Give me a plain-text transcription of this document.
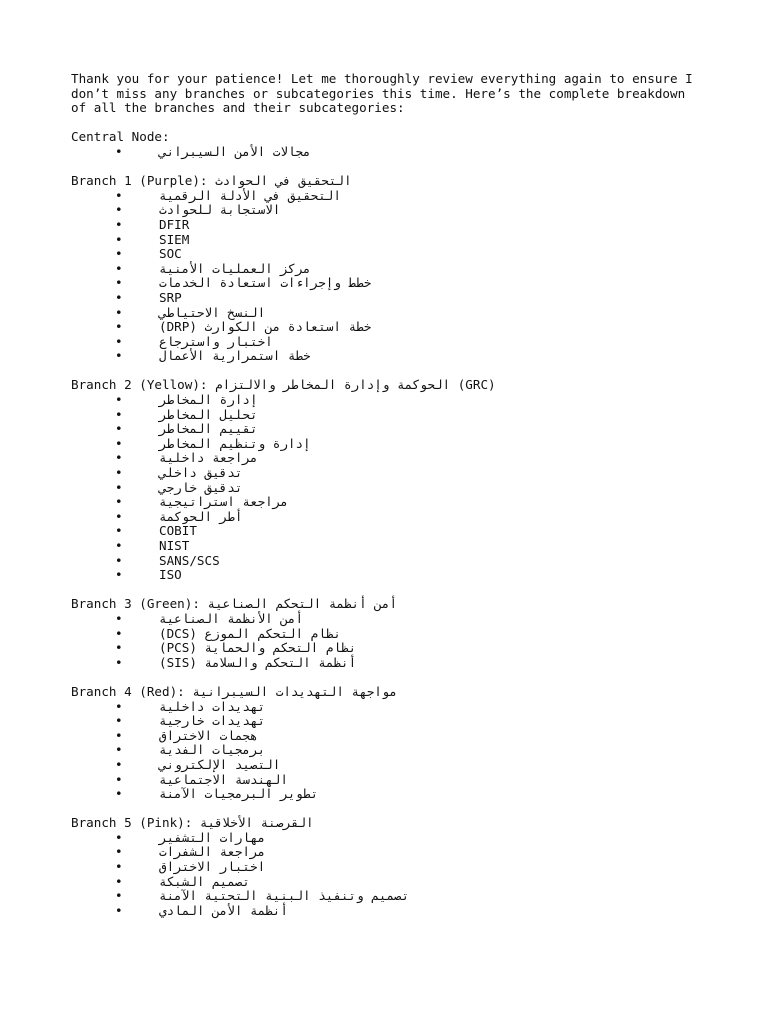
Thank you for your patience! Let me thoroughly review everything again to ensure I
don’t miss any branches or subcategories this time. Here’s the complete breakdown
of all the branches and their subcategories:
Central Node:
•	مجالات الأمن السيبراني
Branch 1 (Purple): التحقيق في الحوادث
•	التحقيق في الأدلة الرقمية
•	الاستجابة للحوادث
•	DFIR
•	SIEM
•	SOC
•	مركز العمليات الأمنية
•	خطط وإجراءات استعادة الخدمات
•	SRP
•	النسخ الاحتياطي
•	خطة استعادة من الكوارث (DRP)
•	اختبار واسترجاع
•	خطة استمرارية الأعمال
Branch 2 (Yellow): الحوكمة وإدارة المخاطر والالتزام (GRC)
•	إدارة المخاطر
•	تحليل المخاطر
•	تقييم المخاطر
•	إدارة وتنظيم المخاطر
•	مراجعة داخلية
•	تدقيق داخلي
•	تدقيق خارجي
•	مراجعة استراتيجية
•	أطر الحوكمة
•	COBIT
•	NIST
•	SANS/SCS
•	ISO
Branch 3 (Green): أمن أنظمة التحكم الصناعية
•	أمن الأنظمة الصناعية
•	نظام التحكم الموزع (DCS)
•	نظام التحكم والحماية (PCS)
•	أنظمة التحكم والسلامة (SIS)
Branch 4 (Red): مواجهة التهديدات السيبرانية
•	تهديدات داخلية
•	تهديدات خارجية
•	هجمات الاختراق
•	برمجيات الفدية
•	التصيد الإلكتروني
•	الهندسة الاجتماعية
•	تطوير البرمجيات الآمنة
Branch 5 (Pink): القرصنة الأخلاقية
•	مهارات التشفير
•	مراجعة الشفرات
•	اختبار الاختراق
•	تصميم الشبكة
•	تصميم وتنفيذ البنية التحتية الآمنة
•	أنظمة الأمن المادي
